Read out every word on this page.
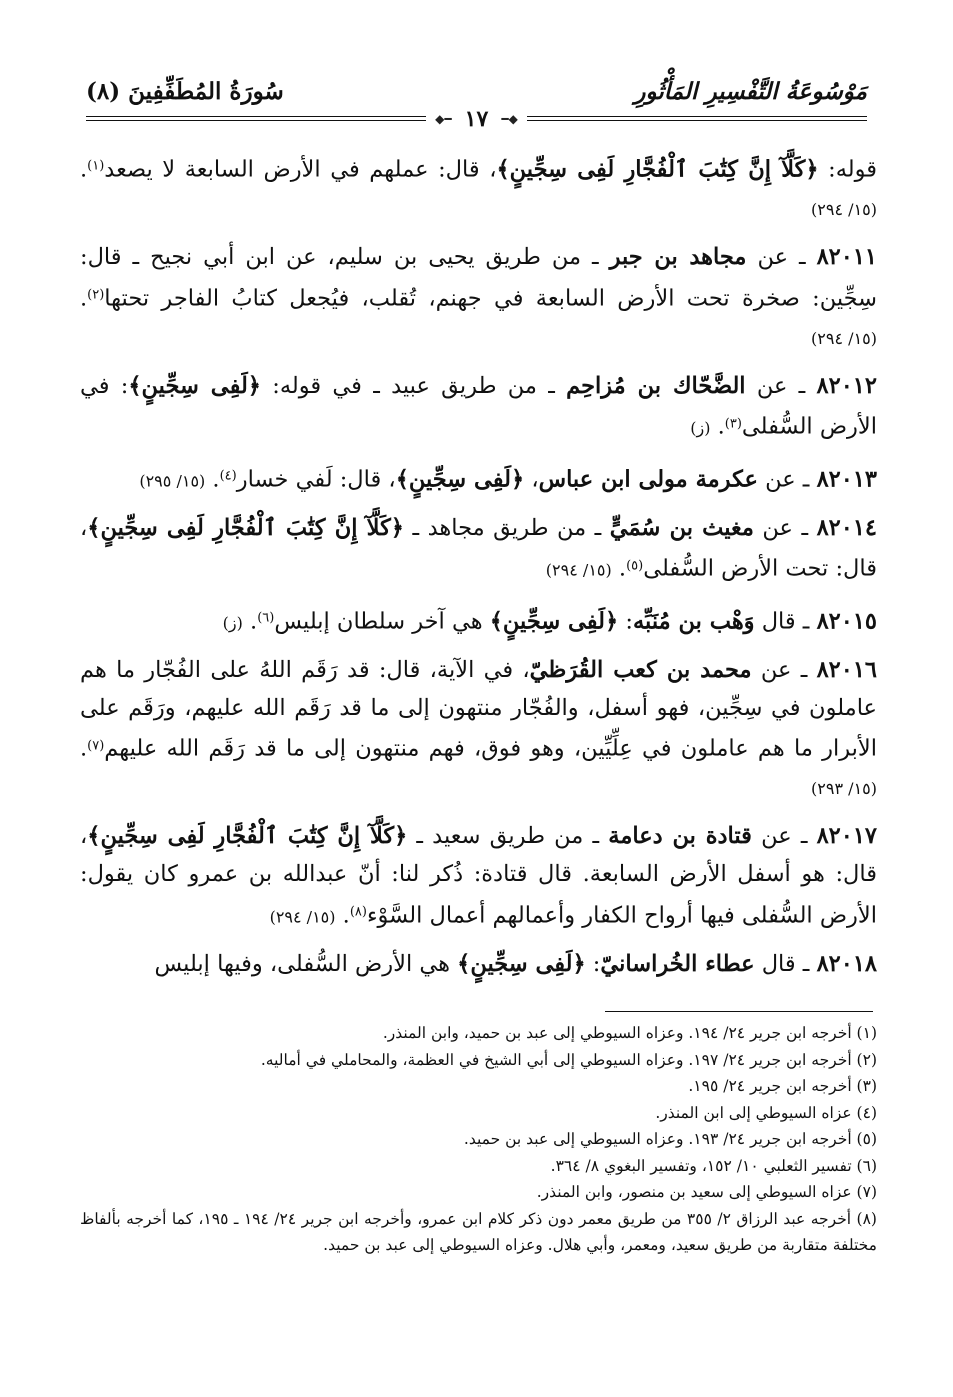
مَوْسُوعَةُ التَّفْسِيرِ المَأْثُورِ
سُورَةُ المُطَفِّفِينَ (٨)
◆━ ١٧ ━◆

قوله: ﴿كَلَّآ إِنَّ كِتَٰبَ ٱلْفُجَّارِ لَفِى سِجِّينٍ﴾، قال: عملهم في الأرض السابعة لا يصعد$^{(١)}$. (١٥/ ٢٩٤)

٨٢٠١١ ـ عن مجاهد بن جبر ـ من طريق يحيى بن سليم، عن ابن أبي نجيح ـ قال: سِجِّين: صخرة تحت الأرض السابعة في جهنم، تُقلب، فيُجعل كتابُ الفاجر تحتها$^{(٢)}$. (١٥/ ٢٩٤)

٨٢٠١٢ ـ عن الضَّحّاك بن مُزاحِم ـ من طريق عبيد ـ في قوله: ﴿لَفِى سِجِّينٍ﴾: في الأرض السُّفلى$^{(٣)}$. (ز)

٨٢٠١٣ ـ عن عكرمة مولى ابن عباس، ﴿لَفِى سِجِّينٍ﴾، قال: لَفي خسار$^{(٤)}$. (١٥/ ٢٩٥)

٨٢٠١٤ ـ عن مغيث بن سُمَيٍّ ـ من طريق مجاهد ـ ﴿كَلَّآ إِنَّ كِتَٰبَ ٱلْفُجَّارِ لَفِى سِجِّينٍ﴾، قال: تحت الأرض السُّفلى$^{(٥)}$. (١٥/ ٢٩٤)

٨٢٠١٥ ـ قال وَهْب بن مُنَبِّه: ﴿لَفِى سِجِّينٍ﴾ هي آخر سلطان إبليس$^{(٦)}$. (ز)

٨٢٠١٦ ـ عن محمد بن كعب القُرَظيّ، في الآية، قال: قد رَقَم اللهُ على الفُجّار ما هم عاملون في سِجِّين، فهو أسفل، والفُجّار منتهون إلى ما قد رَقَم الله عليهم، ورَقَم على الأبرار ما هم عاملون في عِلِّيِّين، وهو فوق، فهم منتهون إلى ما قد رَقَم الله عليهم$^{(٧)}$. (١٥/ ٢٩٣)

٨٢٠١٧ ـ عن قتادة بن دعامة ـ من طريق سعيد ـ ﴿كَلَّآ إِنَّ كِتَٰبَ ٱلْفُجَّارِ لَفِى سِجِّينٍ﴾، قال: هو أسفل الأرض السابعة. قال قتادة: ذُكر لنا: أنّ عبدالله بن عمرو كان يقول: الأرض السُّفلى فيها أرواح الكفار وأعمالهم أعمال السَّوْء$^{(٨)}$. (١٥/ ٢٩٤)

٨٢٠١٨ ـ قال عطاء الخُراسانيّ: ﴿لَفِى سِجِّينٍ﴾ هي الأرض السُّفلى، وفيها إبليس

(١) أخرجه ابن جرير ٢٤/ ١٩٤. وعزاه السيوطي إلى عبد بن حميد، وابن المنذر.

(٢) أخرجه ابن جرير ٢٤/ ١٩٧. وعزاه السيوطي إلى أبي الشيخ في العظمة، والمحاملي في أماليه.

(٣) أخرجه ابن جرير ٢٤/ ١٩٥.

(٤) عزاه السيوطي إلى ابن المنذر.

(٥) أخرجه ابن جرير ٢٤/ ١٩٣. وعزاه السيوطي إلى عبد بن حميد.

(٦) تفسير الثعلبي ١٠/ ١٥٢، وتفسير البغوي ٨/ ٣٦٤.

(٧) عزاه السيوطي إلى سعيد بن منصور، وابن المنذر.

(٨) أخرجه عبد الرزاق ٢/ ٣٥٥ من طريق معمر دون ذكر كلام ابن عمرو، وأخرجه ابن جرير ٢٤/ ١٩٤ ـ ١٩٥، كما أخرجه بألفاظ مختلفة متقاربة من طريق سعيد، ومعمر، وأبي هلال. وعزاه السيوطي إلى عبد بن حميد.
